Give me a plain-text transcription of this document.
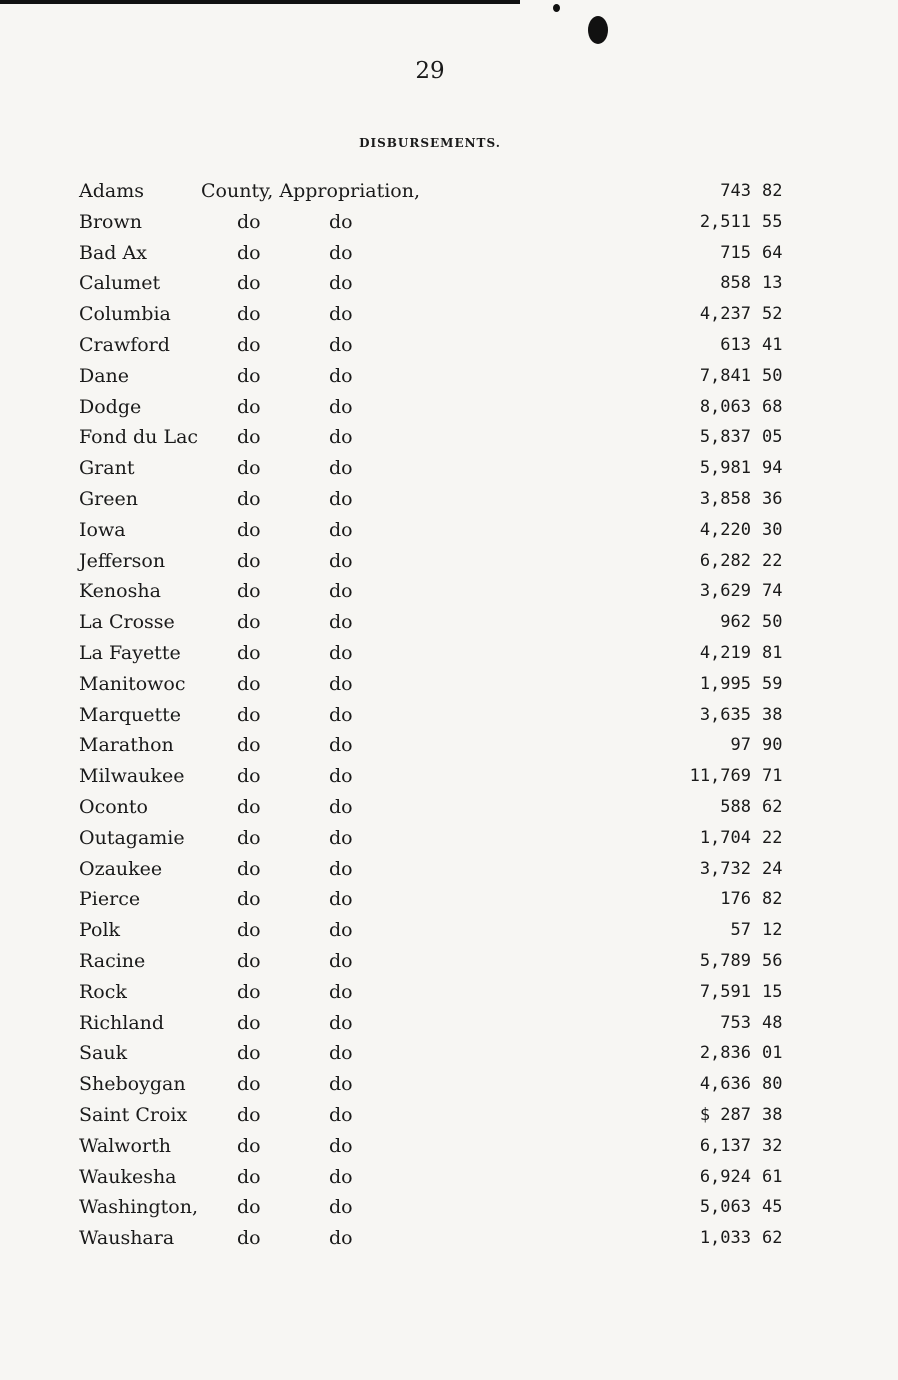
29
DISBURSEMENTS.
Adams	County, Appropriation,	743 82
Brown	do	do	2,511 55
Bad Ax	do	do	715 64
Calumet	do	do	858 13
Columbia	do	do	4,237 52
Crawford	do	do	613 41
Dane	do	do	7,841 50
Dodge	do	do	8,063 68
Fond du Lac do	do	5,837 05
Grant	do	do	5,981 94
Green	do	do	3,858 36
Iowa	do	do	4,220 30
Jefferson	do	do	6,282 22
Kenosha	do	do	3,629 74
La Crosse	do	do	962 50
La Fayette	do	do	4,219 81
Manitowoc	do	do	1,995 59
Marquette	do	do	3,635 38
Marathon	do	do	97 90
Milwaukee	do	do	11,769 71
Oconto	do	do	588 62
Outagamie	do	do	1,704 22
Ozaukee	do	do	3,732 24
Pierce	do	do	176 82
Polk	do	do	57 12
Racine	do	do	5,789 56
Rock	do	do	7,591 15
Richland	do	do	753 48
Sauk	do	do	2,836 01
Sheboygan	do	do	4,636 80
Saint Croix	do	do	$ 287 38
Walworth	do	do	6,137 32
Waukesha	do	do	6,924 61
Washington, do	do	5,063 45
Waushara	do	do	1,033 62
